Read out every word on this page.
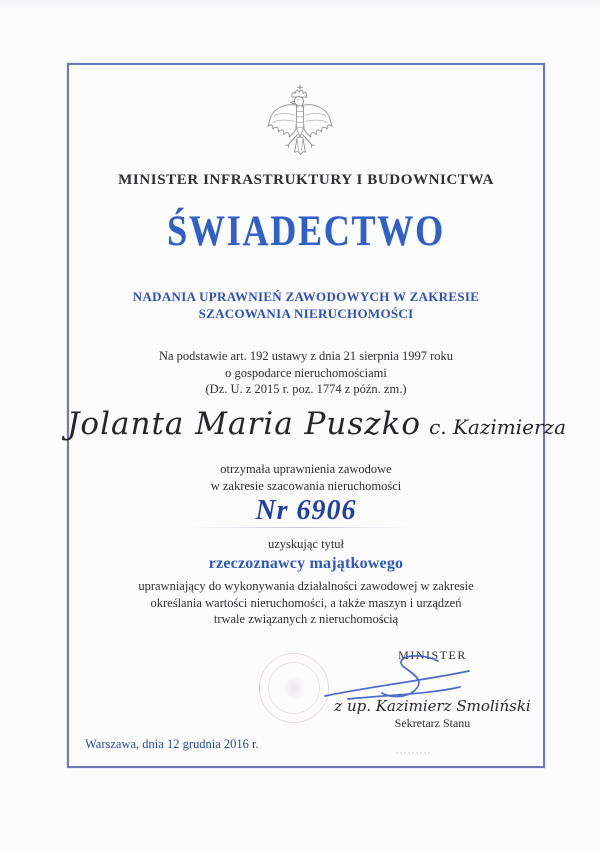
MINISTER INFRASTRUKTURY I BUDOWNICTWA
ŚWIADECTWO
NADANIA UPRAWNIEŃ ZAWODOWYCH W ZAKRESIE
SZACOWANIA NIERUCHOMOŚCI
Na podstawie art. 192 ustawy z dnia 21 sierpnia 1997 roku
o gospodarce nieruchomościami
(Dz. U. z 2015 r. poz. 1774 z późn. zm.)
Jolanta Maria Puszko c. Kazimierza
otrzymała uprawnienia zawodowe
w zakresie szacowania nieruchomości
Nr 6906
uzyskując tytuł
rzeczoznawcy majątkowego
uprawniający do wykonywania działalności zawodowej w zakresie
określania wartości nieruchomości, a także maszyn i urządzeń
trwale związanych z nieruchomością
MINISTER
z up. Kazimierz Smoliński
Sekretarz Stanu
Warszawa, dnia 12 grudnia 2016 r.
